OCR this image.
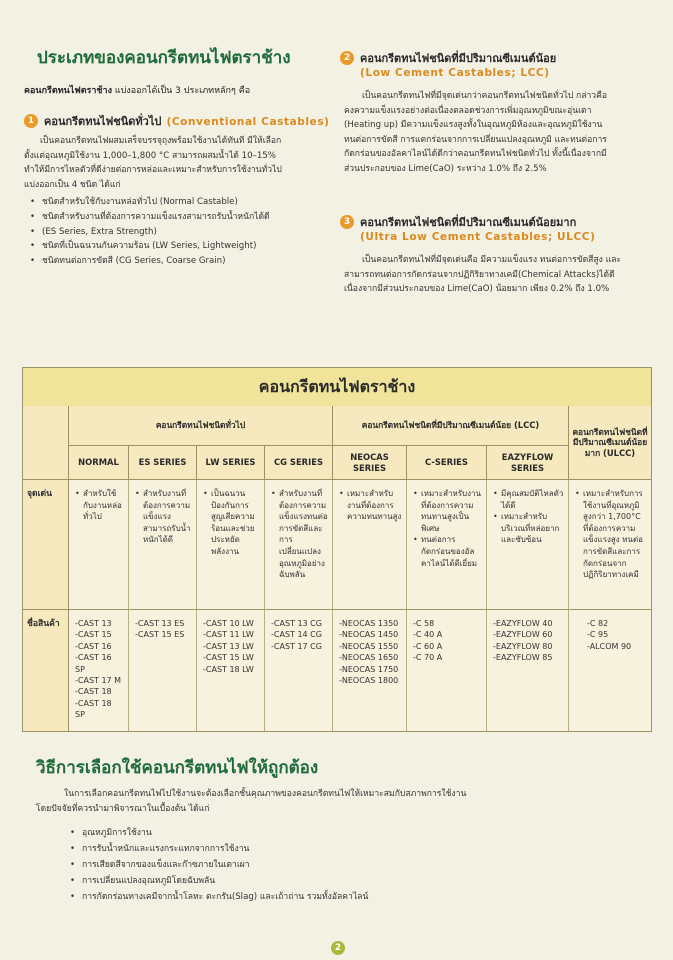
ประเภทของคอนกรีตทนไฟตราช้าง
คอนกรีตทนไฟตราช้าง แบ่งออกได้เป็น 3 ประเภทหลักๆ คือ
1 คอนกรีตทนไฟชนิดทั่วไป (Conventional Castables)
เป็นคอนกรีตทนไฟผสมเสร็จบรรจุถุงพร้อมใช้งานได้ทันที มีให้เลือก
ตั้งแต่อุณหภูมิใช้งาน 1,000–1,800 °C สามารถผสมน้ำได้ 10–15%
ทำให้มีการไหลตัวที่ดีง่ายต่อการหล่อและเหมาะสำหรับการใช้งานทั่วไป
แบ่งออกเป็น 4 ชนิด ได้แก่
• ชนิดสำหรับใช้กับงานหล่อทั่วไป (Normal Castable)
• ชนิดสำหรับงานที่ต้องการความแข็งแรงสามารถรับน้ำหนักได้ดี
• (ES Series, Extra Strength)
• ชนิดที่เป็นฉนวนกันความร้อน (LW Series, Lightweight)
• ชนิดทนต่อการขัดสี (CG Series, Coarse Grain)
2 คอนกรีตทนไฟชนิดที่มีปริมาณซีเมนต์น้อย
(Low Cement Castables; LCC)
เป็นคอนกรีตทนไฟที่มีจุดเด่นกว่าคอนกรีตทนไฟชนิดทั่วไป กล่าวคือ
คงความแข็งแรงอย่างต่อเนื่องตลอดช่วงการเพิ่มอุณหภูมิขณะอุ่นเตา
(Heating up) มีความแข็งแรงสูงทั้งในอุณหภูมิห้องและอุณหภูมิใช้งาน
ทนต่อการขัดสี การแตกร่อนจากการเปลี่ยนแปลงอุณหภูมิ และทนต่อการ
กัดกร่อนของอัลคาไลน์ได้ดีกว่าคอนกรีตทนไฟชนิดทั่วไป ทั้งนี้เนื่องจากมี
ส่วนประกอบของ Lime(CaO) ระหว่าง 1.0% ถึง 2.5%
3 คอนกรีตทนไฟชนิดที่มีปริมาณซีเมนต์น้อยมาก
(Ultra Low Cement Castables; ULCC)
เป็นคอนกรีตทนไฟที่มีจุดเด่นคือ มีความแข็งแรง ทนต่อการขัดสีสูง และ
สามารถทนต่อการกัดกร่อนจากปฏิกิริยาทางเคมี(Chemical Attacks)ได้ดี
เนื่องจากมีส่วนประกอบของ Lime(CaO) น้อยมาก เพียง 0.2% ถึง 1.0%
คอนกรีตทนไฟตราช้าง
คอนกรีตทนไฟชนิดทั่วไป	คอนกรีตทนไฟชนิดที่มีปริมาณซีเมนต์น้อย (LCC)
คอนกรีตทนไฟชนิดที่มีปริมาณซีเมนต์น้อยมาก (ULCC)
NORMAL	ES SERIES	LW SERIES	CG SERIES
NEOCAS SERIES
C-SERIES
EAZYFLOW SERIES
จุดเด่น
•	สำหรับใช้กับงานหล่อทั่วไป
• สำหรับงานที่ต้องการความแข็งแรงสามารถรับน้ำหนักได้ดี
• เป็นฉนวนป้องกันการสูญเสียความร้อนและช่วยประหยัดพลังงาน
• สำหรับงานที่ต้องการความแข็งแรงทนต่อการขัดสีและการเปลี่ยนแปลงอุณหภูมิอย่างฉับพลัน
• เหมาะสำหรับงานที่ต้องการความทนทานสูง
• เหมาะสำหรับงานที่ต้องการความทนทานสูงเป็นพิเศษ
• ทนต่อการกัดกร่อนของอัลคาไลน์ได้ดีเยี่ยม
• มีคุณสมบัติไหลตัวได้ดี
• เหมาะสำหรับบริเวณที่หล่อยากและซับซ้อน
• เหมาะสำหรับการใช้งานที่อุณหภูมิสูงกว่า 1,700°C ที่ต้องการความแข็งแรงสูง ทนต่อการขัดสีและการกัดกร่อนจากปฏิกิริยาทางเคมี
ชื่อสินค้า	-CAST 13
-CAST 15
-CAST 16
-CAST 16 SP
-CAST 17 M
-CAST 18
-CAST 18 SP
-CAST 13 ES
-CAST 15 ES
-CAST 10 LW
-CAST 11 LW
-CAST 13 LW
-CAST 15 LW
-CAST 18 LW
-CAST 13 CG
-CAST 14 CG
-CAST 17 CG
-NEOCAS 1350
-NEOCAS 1450
-NEOCAS 1550
-NEOCAS 1650
-NEOCAS 1750
-NEOCAS 1800
-C 58
-C 40 A
-C 60 A
-C 70 A
-EAZYFLOW 40
-EAZYFLOW 60
-EAZYFLOW 80
-EAZYFLOW 85
-C 82
-C 95
-ALCOM 90
วิธีการเลือกใช้คอนกรีตทนไฟให้ถูกต้อง
ในการเลือกคอนกรีตทนไฟไปใช้งานจะต้องเลือกชั้นคุณภาพของคอนกรีตทนไฟให้เหมาะสมกับสภาพการใช้งาน
โดยปัจจัยที่ควรนำมาพิจารณาในเบื้องต้น ได้แก่
• อุณหภูมิการใช้งาน
• การรับน้ำหนักและแรงกระแทกจากการใช้งาน
• การเสียดสีจากของแข็งและก๊าซภายในเตาเผา
• การเปลี่ยนแปลงอุณหภูมิโดยฉับพลัน
• การกัดกร่อนทางเคมีจากน้ำโลหะ ตะกรัน(Slag) และเถ้าถ่าน รวมทั้งอัลคาไลน์
2
